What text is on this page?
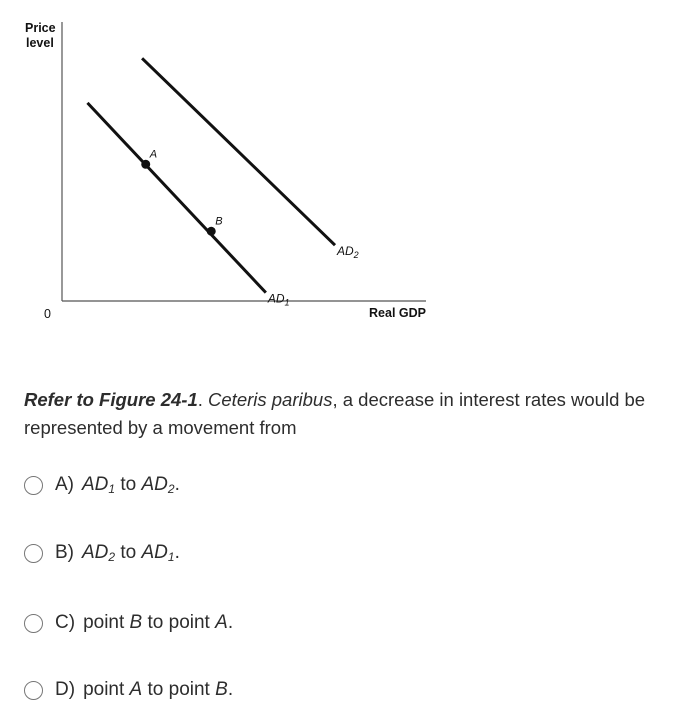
Price
level
0	Real GDP
$AD_1$
$AD_2$
A
B
Refer to Figure 24-1. Ceteris paribus, a decrease in interest rates would be represented by a movement from
A) $AD_1$ to $AD_2$.
B) $AD_2$ to $AD_1$.
C) point B to point A.
D) point A to point B.
